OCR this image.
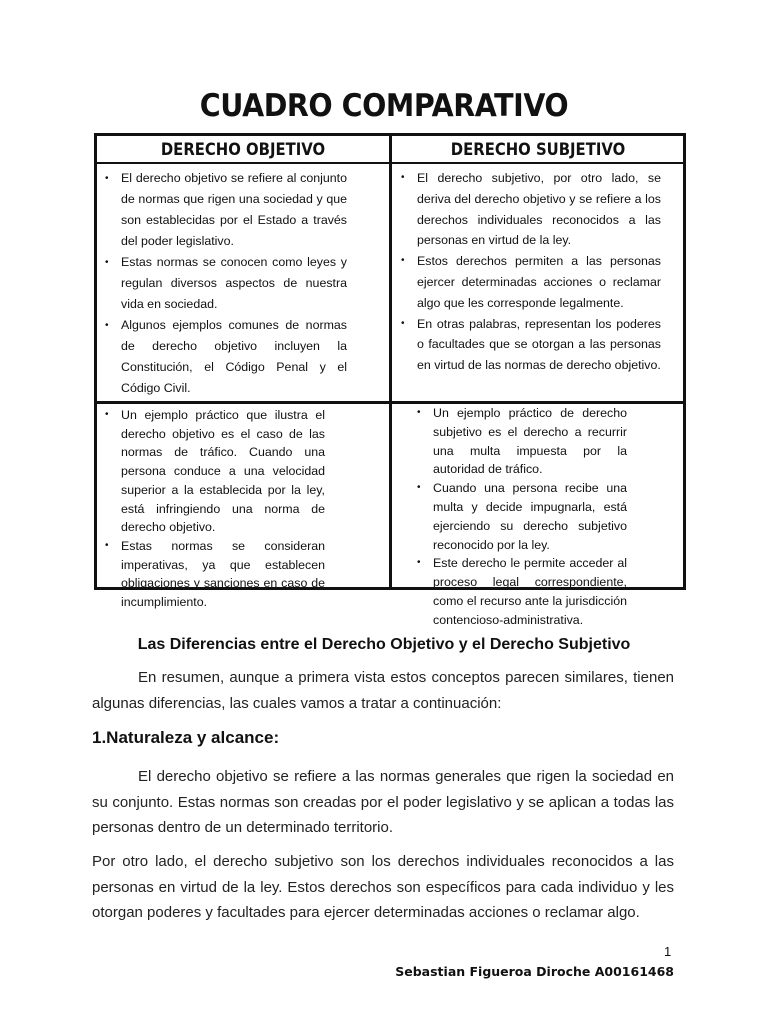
CUADRO COMPARATIVO
DERECHO OBJETIVO	DERECHO SUBJETIVO
• El derecho objetivo se refiere al conjunto de normas que rigen una sociedad y que son establecidas por el Estado a través del poder legislativo.
• Estas normas se conocen como leyes y regulan diversos aspectos de nuestra vida en sociedad.
• Algunos ejemplos comunes de normas de derecho objetivo incluyen la Constitución, el Código Penal y el Código Civil.
• El derecho subjetivo, por otro lado, se deriva del derecho objetivo y se refiere a los derechos individuales reconocidos a las personas en virtud de la ley.
• Estos derechos permiten a las personas ejercer determinadas acciones o reclamar algo que les corresponde legalmente.
• En otras palabras, representan los poderes o facultades que se otorgan a las personas en virtud de las normas de derecho objetivo.
• Un ejemplo práctico que ilustra el derecho objetivo es el caso de las normas de tráfico. Cuando una persona conduce a una velocidad superior a la establecida por la ley, está infringiendo una norma de derecho objetivo.
• Estas normas se consideran imperativas, ya que establecen obligaciones y sanciones en caso de incumplimiento.
• Un ejemplo práctico de derecho subjetivo es el derecho a recurrir una multa impuesta por la autoridad de tráfico.
• Cuando una persona recibe una multa y decide impugnarla, está ejerciendo su derecho subjetivo reconocido por la ley.
• Este derecho le permite acceder al proceso legal correspondiente, como el recurso ante la jurisdicción contencioso-administrativa.
Las Diferencias entre el Derecho Objetivo y el Derecho Subjetivo
En resumen, aunque a primera vista estos conceptos parecen similares, tienen algunas diferencias, las cuales vamos a tratar a continuación:
1.Naturaleza y alcance:
El derecho objetivo se refiere a las normas generales que rigen la sociedad en su conjunto. Estas normas son creadas por el poder legislativo y se aplican a todas las personas dentro de un determinado territorio.
Por otro lado, el derecho subjetivo son los derechos individuales reconocidos a las personas en virtud de la ley. Estos derechos son específicos para cada individuo y les otorgan poderes y facultades para ejercer determinadas acciones o reclamar algo.
1
Sebastian Figueroa Diroche A00161468
